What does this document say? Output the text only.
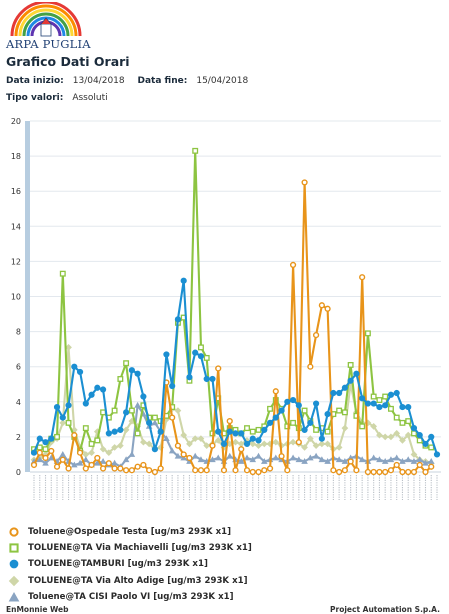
ARPA PUGLIA
Grafico Dati Orari
Data inizio: 13/04/2018 Data fine: 15/04/2018
Tipo valori: Assoluti
0
2
4
6
8
10
12
14
16
18
20
Toluene@Ospedale Testa [ug/m3 293K x1]
TOLUENE@TA Via Machiavelli [ug/m3 293K x1]
TOLUENE@TAMBURI [ug/m3 293K x1]
TOLUENE@TA Via Alto Adige [ug/m3 293K x1]
Toluene@TA CISI Paolo VI [ug/m3 293K x1]
EnMonnie Web	Project Automation S.p.A.
